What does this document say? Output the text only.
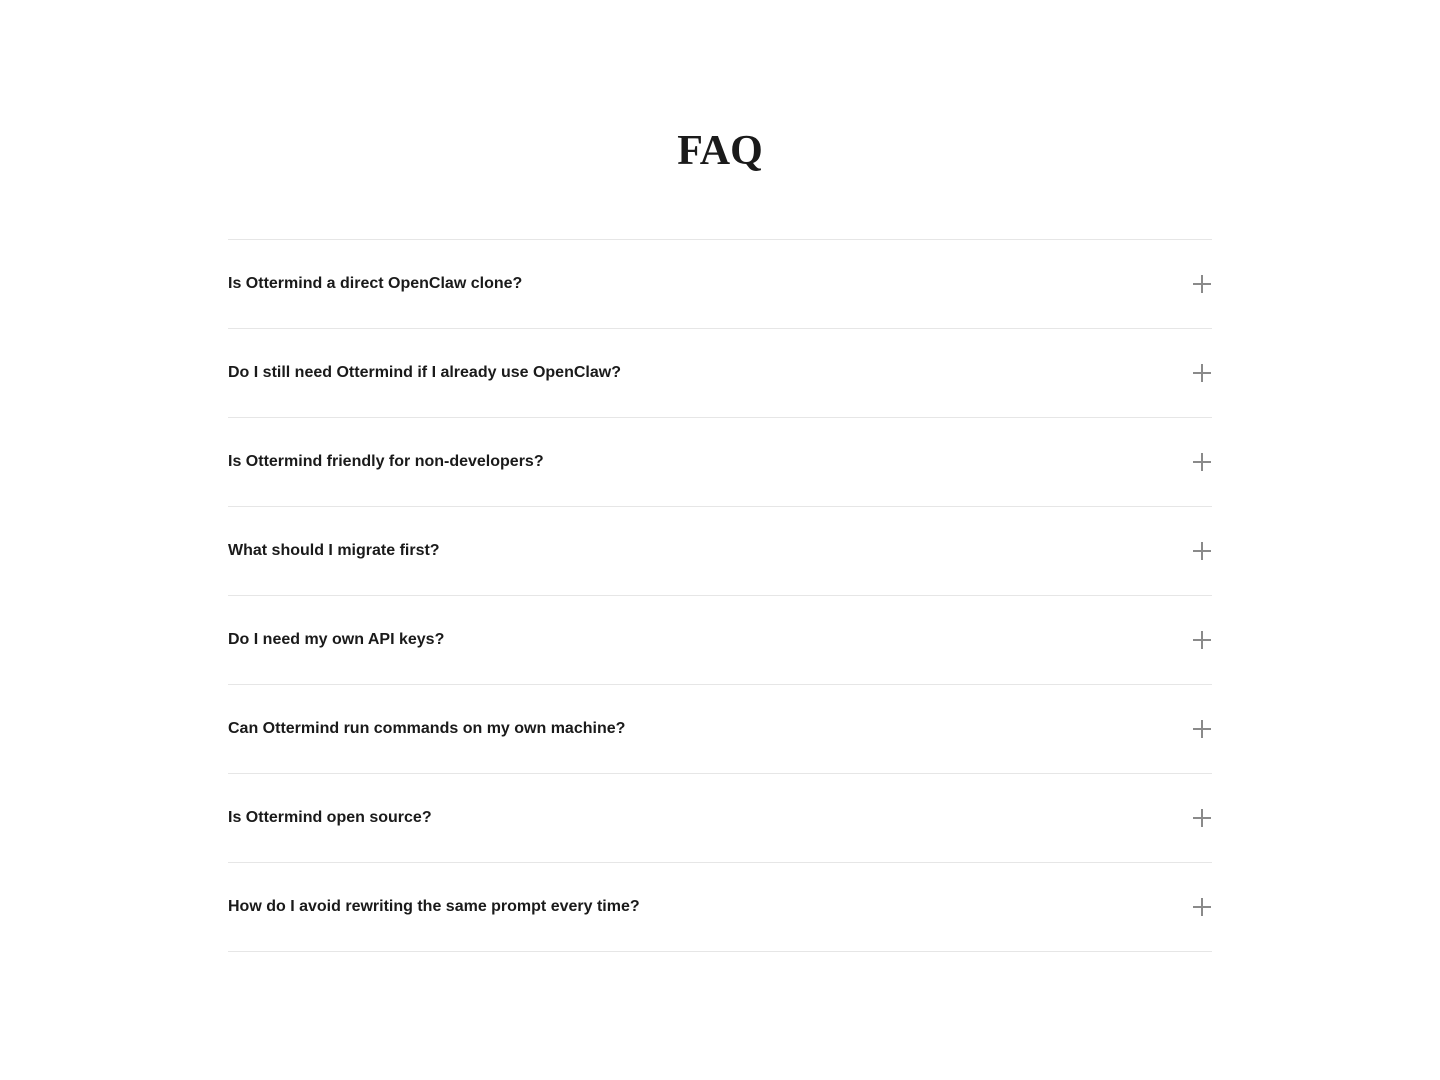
FAQ
Is Ottermind a direct OpenClaw clone?
Do I still need Ottermind if I already use OpenClaw?
Is Ottermind friendly for non-developers?
What should I migrate first?
Do I need my own API keys?
Can Ottermind run commands on my own machine?
Is Ottermind open source?
How do I avoid rewriting the same prompt every time?
